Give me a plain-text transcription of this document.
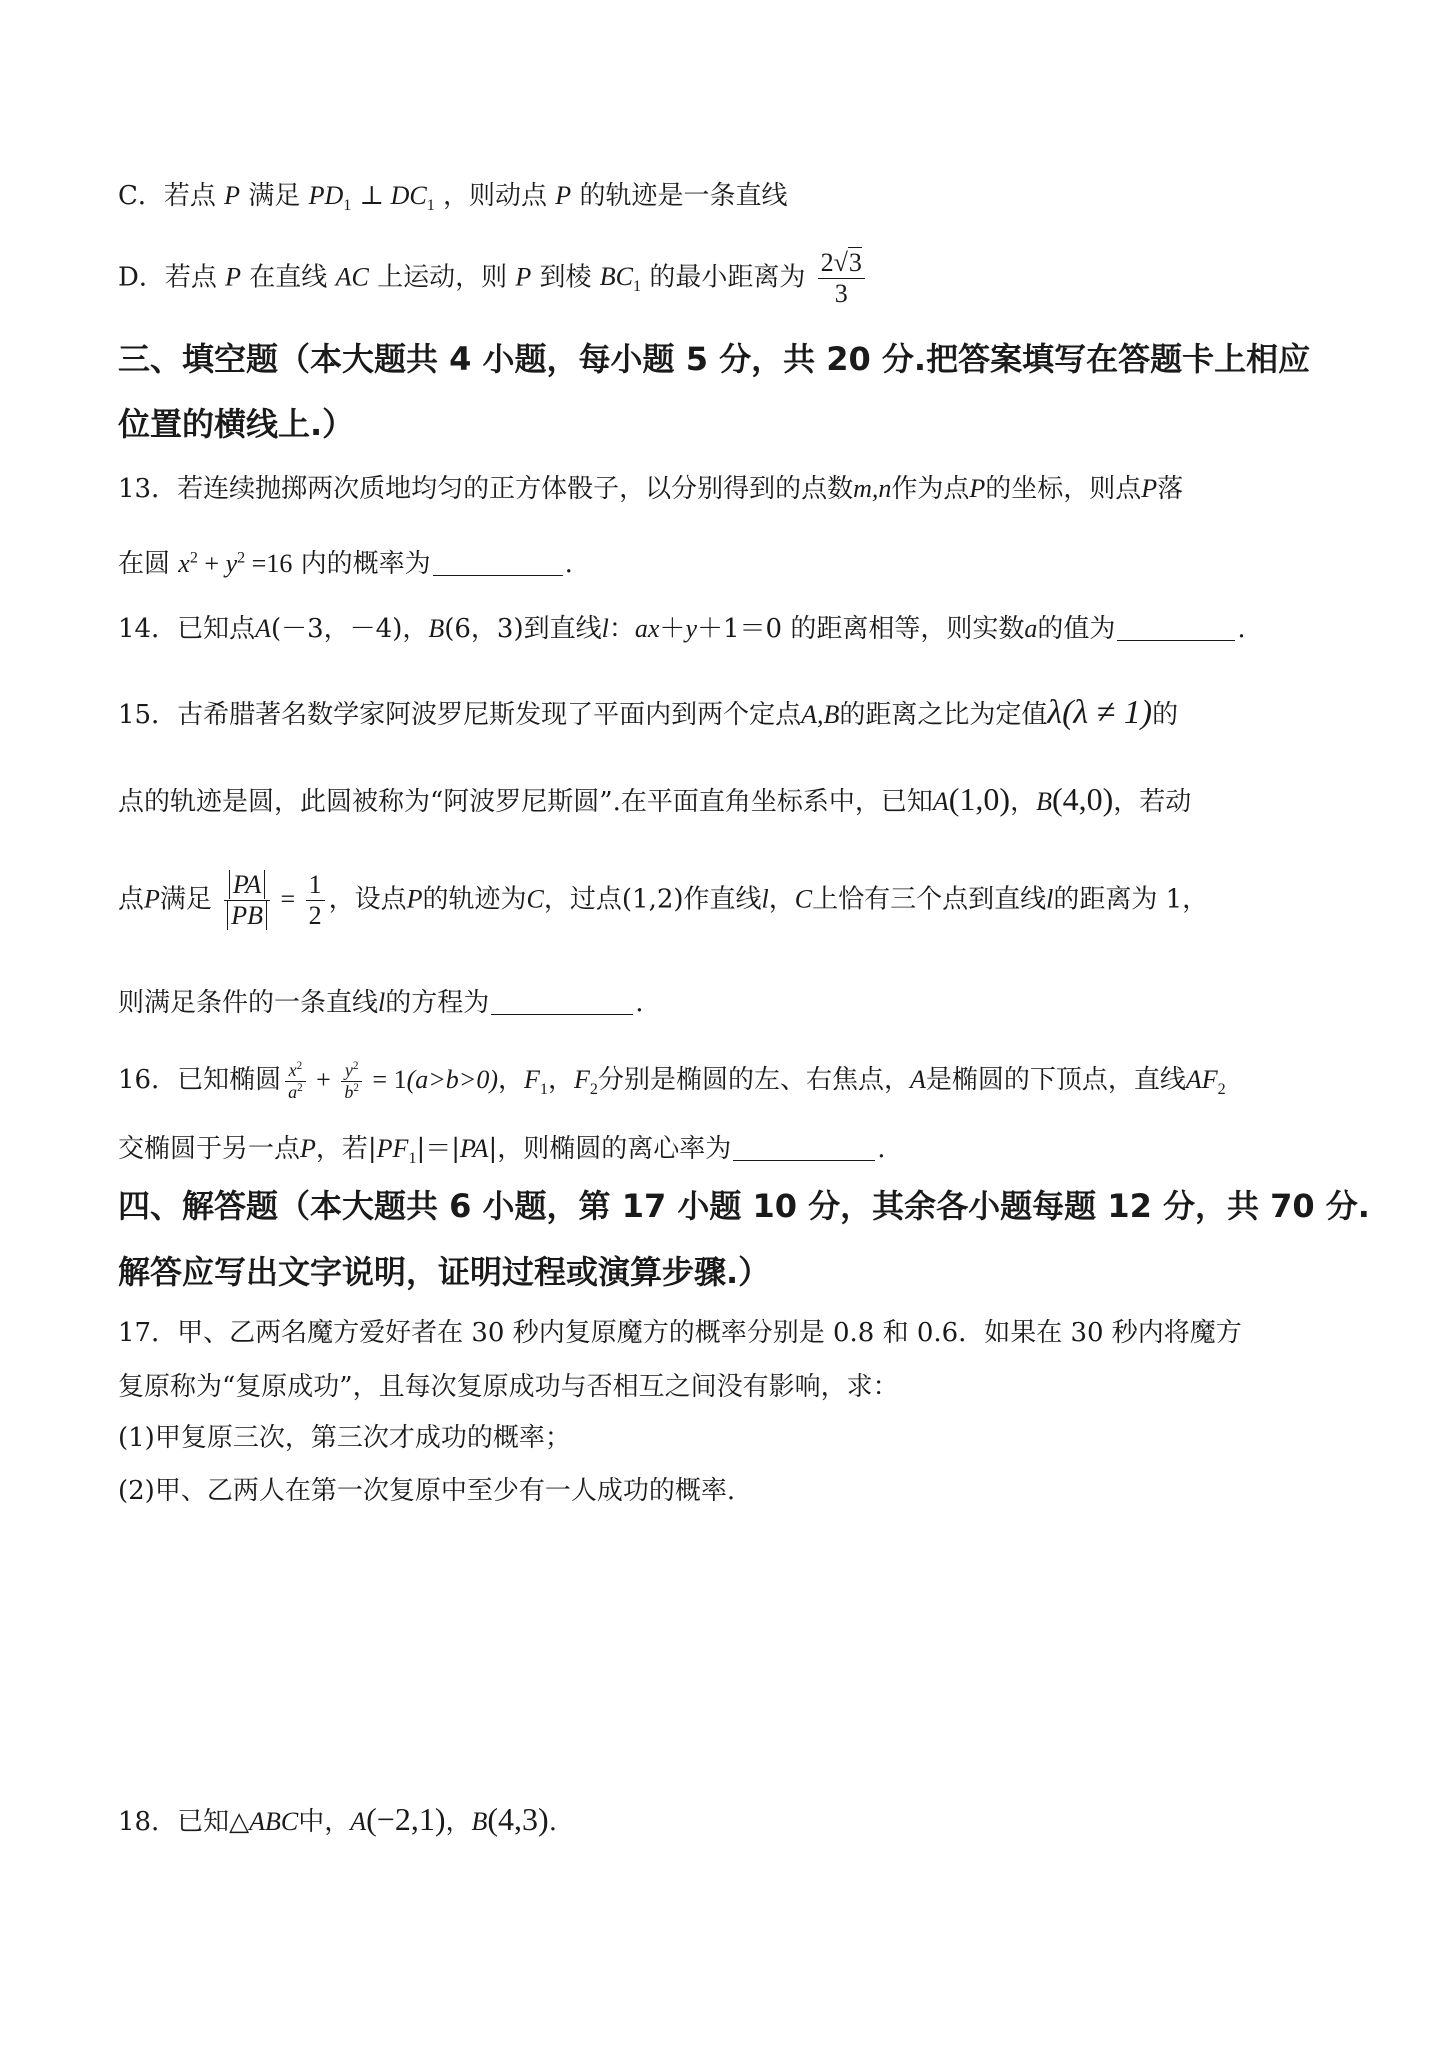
C．若点 P 满足 $PD_1$ ⊥ $DC_1$ ，则动点 P 的轨迹是一条直线
D．若点 P 在直线 AC 上运动，则 P 到棱 $BC_1$ 的最小距离为 $\frac{2√3}{3}$
三、填空题（本大题共 4 小题，每小题 5 分，共 20 分.把答案填写在答题卡上相应
位置的横线上.）
13．若连续抛掷两次质地均匀的正方体骰子，以分别得到的点数m,n作为点P的坐标，则点P落
在圆 $x^2 + y^2 =16$ 内的概率为	.
14．已知点A(－3，－4)，B(6，3)到直线l：ax＋y＋1＝0 的距离相等，则实数a的值为	.
15．古希腊著名数学家阿波罗尼斯发现了平面内到两个定点A,B的距离之比为定值λ(λ ≠ 1)的
点的轨迹是圆，此圆被称为“阿波罗尼斯圆”.在平面直角坐标系中，已知A(1,0)，B(4,0)，若动
点P满足 $\frac{PA}{PB} = \frac{1}{2}$ ，设点P的轨迹为C，过点(1,2)作直线l，C上恰有三个点到直线l的距离为 1，
则满足条件的一条直线l的方程为	.
16．已知椭圆 $\frac{x^2}{a^2} + \frac{y^2}{b^2} = 1(a>b>0)$，$F_1$，$F_2$分别是椭圆的左、右焦点，A是椭圆的下顶点，直线$AF_2$
交椭圆于另一点P，若$|PF_1|=|PA|$，则椭圆的离心率为	.
四、解答题（本大题共 6 小题，第 17 小题 10 分，其余各小题每题 12 分，共 70 分.
解答应写出文字说明，证明过程或演算步骤.）
17．甲、乙两名魔方爱好者在 30 秒内复原魔方的概率分别是 0.8 和 0.6．如果在 30 秒内将魔方
复原称为“复原成功”，且每次复原成功与否相互之间没有影响，求：
(1)甲复原三次，第三次才成功的概率；
(2)甲、乙两人在第一次复原中至少有一人成功的概率.
18．已知△ABC中，A(−2,1)，B(4,3).
